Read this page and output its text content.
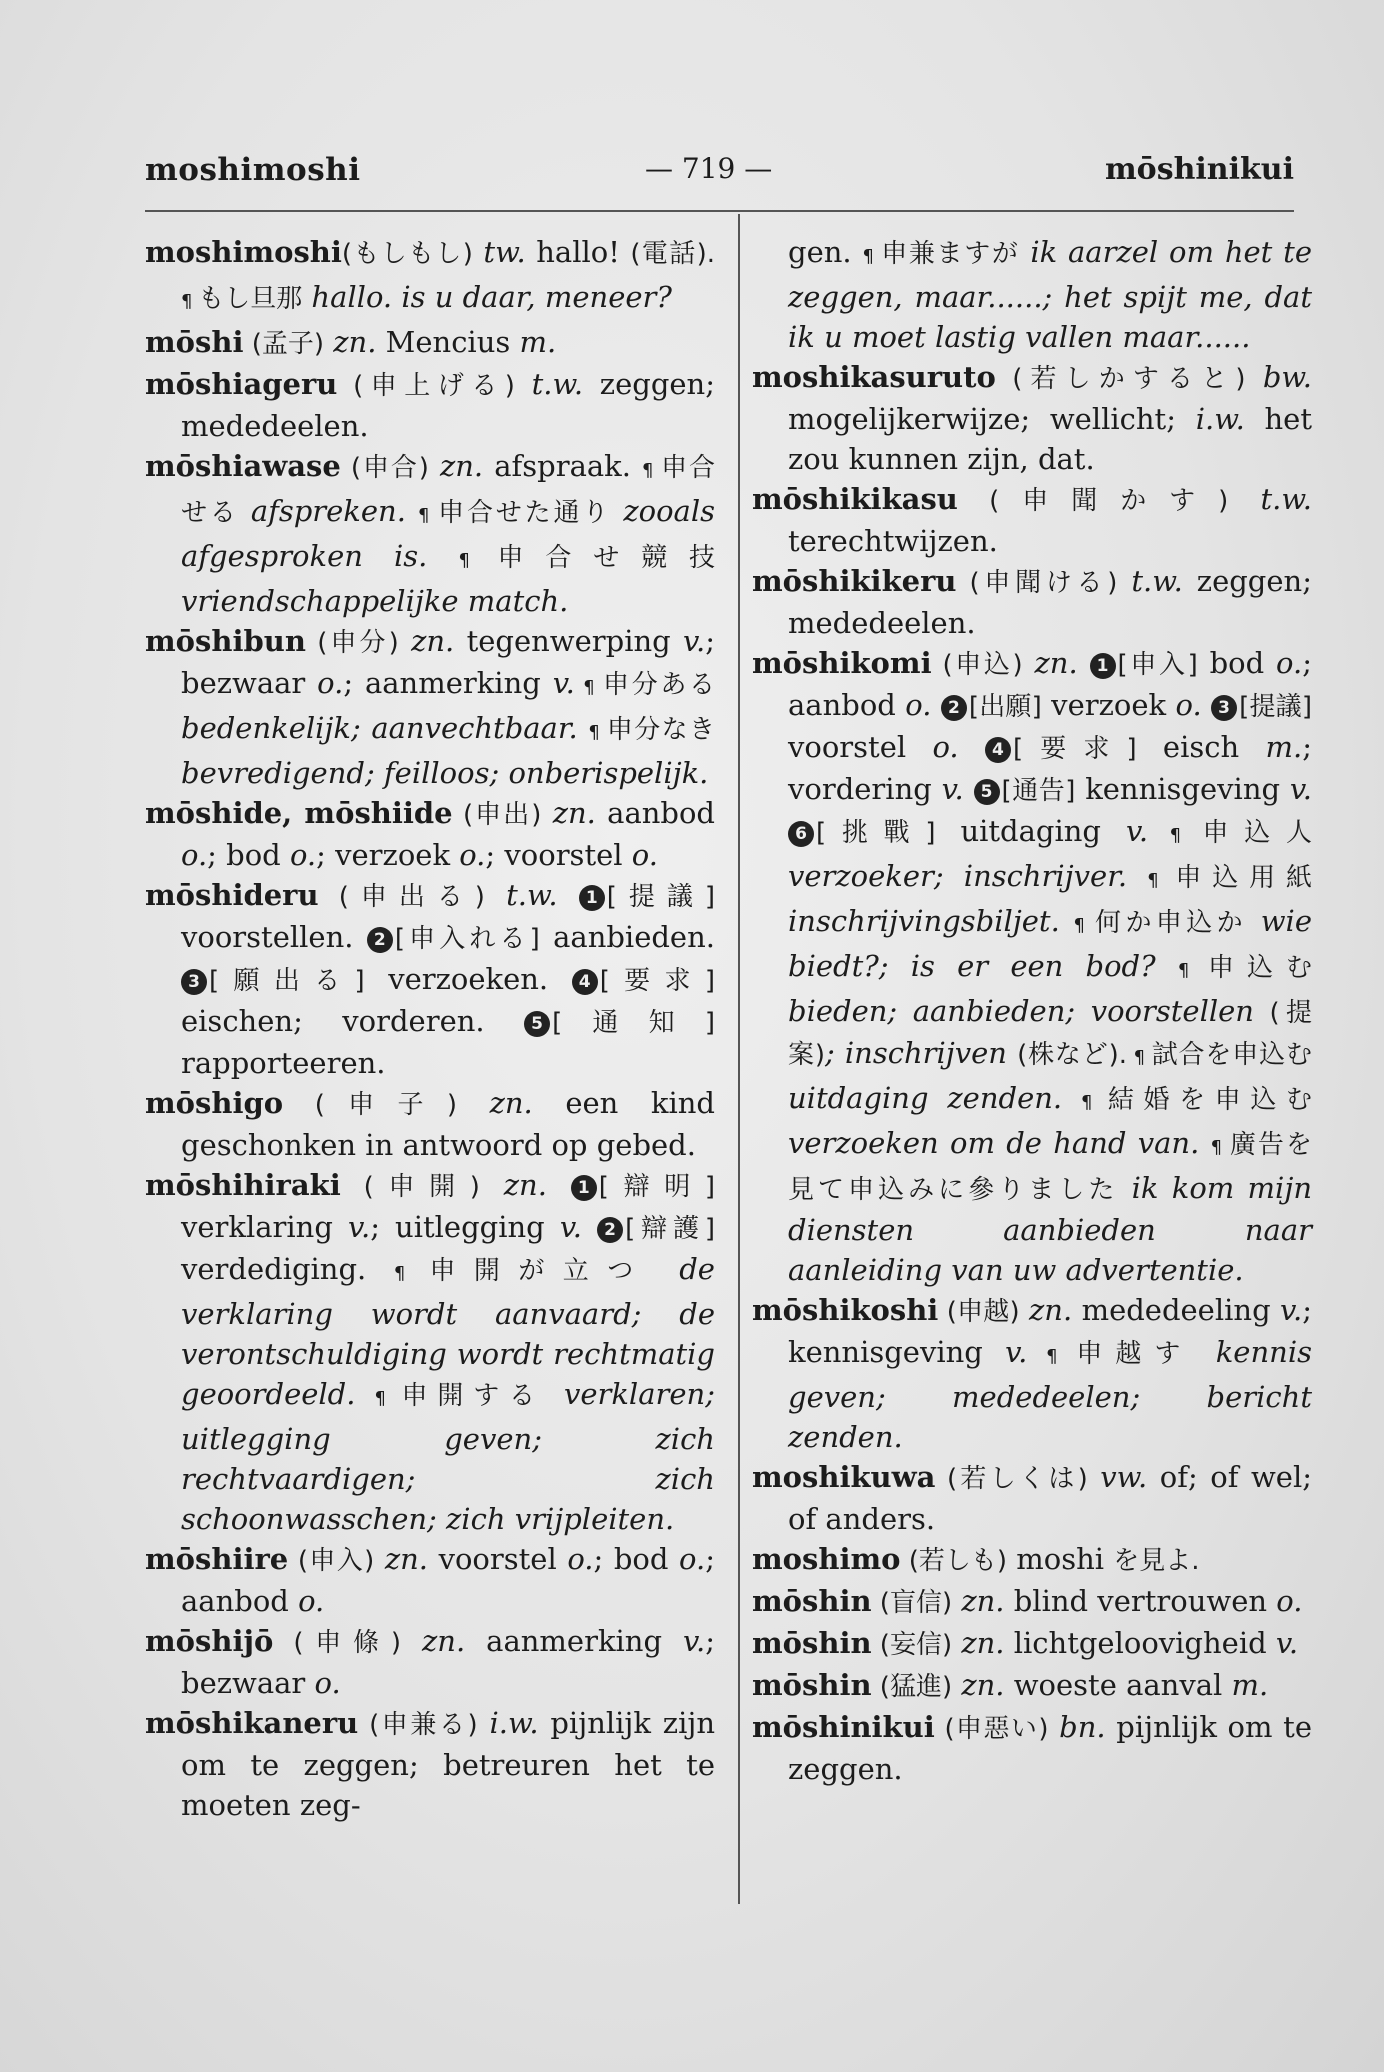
moshimoshi	— 719 —	mōshinikui
moshimoshi(もしもし) tw. hallo! (電話). ¶ もし旦那 hallo. is u daar, meneer?
mōshi (孟子) zn. Mencius m.
mōshiageru (申上げる) t.w. zeggen; mededeelen.
mōshiawase (申合) zn. afspraak. ¶ 申合せる afspreken. ¶ 申合せた通り zooals afgesproken is. ¶ 申合せ競技 vriendschappelijke match.
mōshibun (申分) zn. tegenwerping v.; bezwaar o.; aanmerking v. ¶ 申分ある bedenkelijk; aanvechtbaar. ¶ 申分なき bevredigend; feilloos; onberispelijk.
mōshide, mōshiide (申出) zn. aanbod o.; bod o.; verzoek o.; voorstel o.
mōshideru (申出る) t.w. 1 [提議] voorstellen. 2 [申入れる] aanbieden. 3 [願出る] verzoeken. 4 [要求] eischen; vorderen. 5 [通知] rapporteeren.
mōshigo (申子) zn. een kind geschonken in antwoord op gebed.
mōshihiraki (申開) zn. 1 [辯明] verklaring v.; uitlegging v. 2 [辯護] verdediging. ¶ 申開が立つ de verklaring wordt aanvaard; de verontschuldiging wordt rechtmatig geoordeeld. ¶ 申開する verklaren; uitlegging geven; zich rechtvaardigen; zich schoonwasschen; zich vrijpleiten.
mōshiire (申入) zn. voorstel o.; bod o.; aanbod o.
mōshijō (申條) zn. aanmerking v.; bezwaar o.
mōshikaneru (申兼る) i.w. pijnlijk zijn om te zeggen; betreuren het te moeten zeg-
gen. ¶ 申兼ますが ik aarzel om het te zeggen, maar......; het spijt me, dat ik u moet lastig vallen maar......
moshikasuruto (若しかすると) bw. mogelijkerwijze; wellicht; i.w. het zou kunnen zijn, dat.
mōshikikasu (申聞かす) t.w. terechtwijzen.
mōshikikeru (申聞ける) t.w. zeggen; mededeelen.
mōshikomi (申込) zn. 1 [申入] bod o.; aanbod o. 2 [出願] verzoek o. 3 [提議] voorstel o. 4 [要求] eisch m.; vordering v. 5 [通告] kennisgeving v. 6 [挑戰] uitdaging v. ¶ 申込人 verzoeker; inschrijver. ¶ 申込用紙 inschrijvingsbiljet. ¶ 何か申込か wie biedt?; is er een bod? ¶ 申込む bieden; aanbieden; voorstellen (提案); inschrijven (株など). ¶ 試合を申込む uitdaging zenden. ¶ 結婚を申込む verzoeken om de hand van. ¶ 廣告を見て申込みに參りました ik kom mijn diensten aanbieden naar aanleiding van uw advertentie.
mōshikoshi (申越) zn. mededeeling v.; kennisgeving v. ¶ 申越す kennis geven; mededeelen; bericht zenden.
moshikuwa (若しくは) vw. of; of wel; of anders.
moshimo (若しも) moshi を見よ.
mōshin (盲信) zn. blind vertrouwen o.
mōshin (妄信) zn. lichtgeloovigheid v.
mōshin (猛進) zn. woeste aanval m.
mōshinikui (申惡い) bn. pijnlijk om te zeggen.
